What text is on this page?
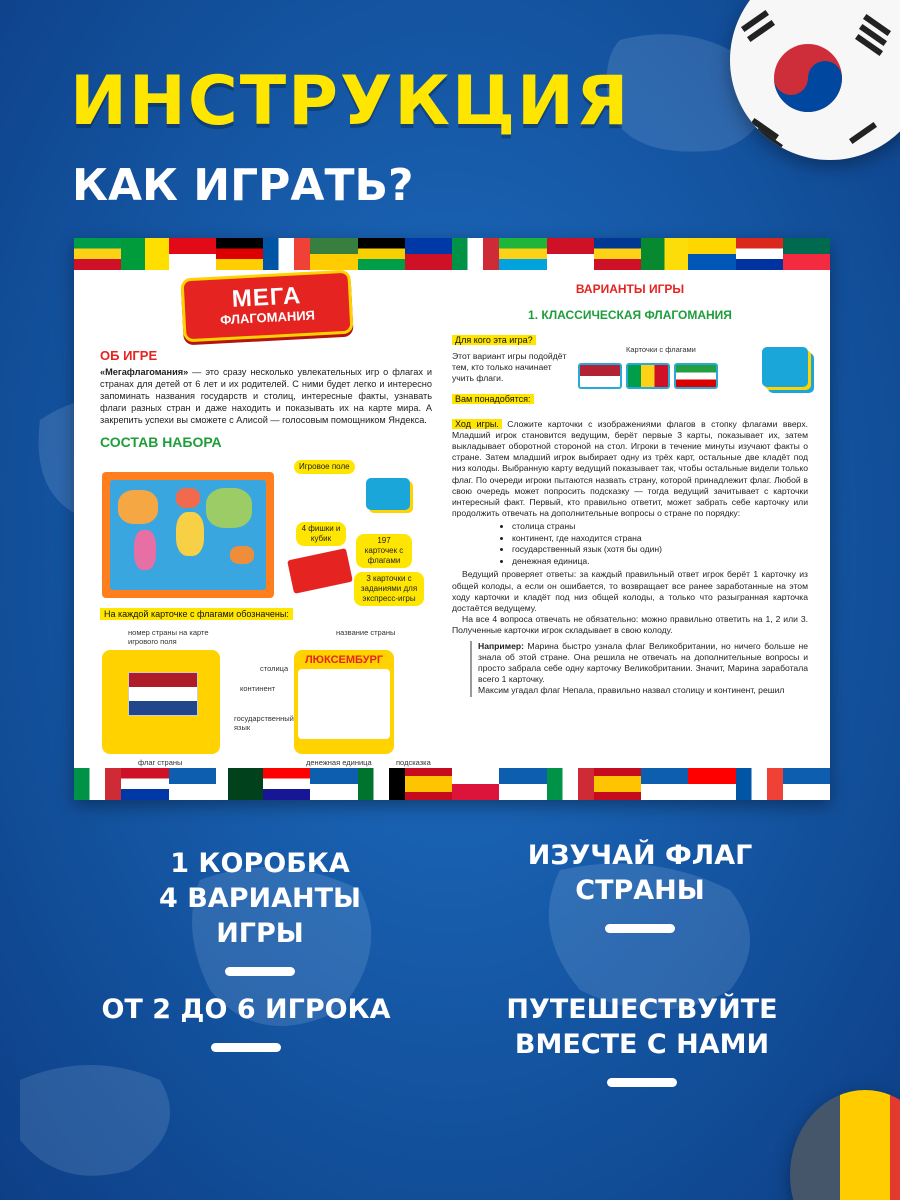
ИНСТРУКЦИЯ
КАК ИГРАТЬ?
МЕГА
ФЛАГОМАНИЯ
ОБ ИГРЕ

«Мегафлагомания» — это сразу несколько увлекательных игр о флагах и странах для детей от 6 лет и их родителей. С ними будет легко и интересно запоминать названия государств и столиц, интересные факты, узнавать флаги разных стран и даже находить и показывать их на карте мира. А закрепить успехи вы сможете с Алисой — голосовым помощником Яндекса.

СОСТАВ НАБОРА
Игровое поле
4 фишки и кубик	197 карточек с флагами
3 карточки с заданиями для экспресс-игры
На каждой карточке с флагами обозначены:
номер страны на карте игрового поля
флаг страны
название страны
столица
континент
государственный язык
ЛЮКСЕМБУРГ
денежная единица	подсказка
ВАРИАНТЫ ИГРЫ
1. КЛАССИЧЕСКАЯ ФЛАГОМАНИЯ
Для кого эта игра?

Этот вариант игры подойдёт тем, кто только начинает учить флаги.

Карточки с флагами
Вам понадобятся:

Ход игры. Сложите карточки с изображениями флагов в стопку флагами вверх. Младший игрок становится ведущим, берёт первые 3 карты, показывает их, затем выкладывает оборотной стороной на стол. Игроки в течение минуты изучают факты о стране. Затем младший игрок выбирает одну из трёх карт, остальные две кладёт под низ колоды. Выбранную карту ведущий показывает так, чтобы остальные видели только флаг. По очереди игроки пытаются назвать страну, которой принадлежит флаг. Любой в свою очередь может попросить подсказку — тогда ведущий зачитывает с карточки интересный факт. Первый, кто правильно ответит, может забрать себе карточку или продолжить отвечать на дополнительные вопросы о стране по порядку:

• столица страны
• континент, где находится страна
• государственный язык (хотя бы один)
• денежная единица.

Ведущий проверяет ответы: за каждый правильный ответ игрок берёт 1 карточку из общей колоды, а если он ошибается, то возвращает все ранее заработанные на этом ходу карточки и кладёт под низ общей колоды, а только что разыгранная карточка достаётся ведущему.

На все 4 вопроса отвечать не обязательно: можно правильно ответить на 1, 2 или 3. Полученные карточки игрок складывает в свою колоду.

Например: Марина быстро узнала флаг Великобритании, но ничего больше не знала об этой стране. Она решила не отвечать на дополнительные вопросы и просто забрала себе одну карточку Великобритании. Значит, Марина заработала всего 1 карточку.

Максим угадал флаг Непала, правильно назвал столицу и континент, решил

1 КОРОБКА
4 ВАРИАНТЫ ИГРЫ
ИЗУЧАЙ ФЛАГ
СТРАНЫ
ОТ 2 ДО 6 ИГРОКА	ПУТЕШЕСТВУЙТЕ
ВМЕСТЕ С НАМИ
